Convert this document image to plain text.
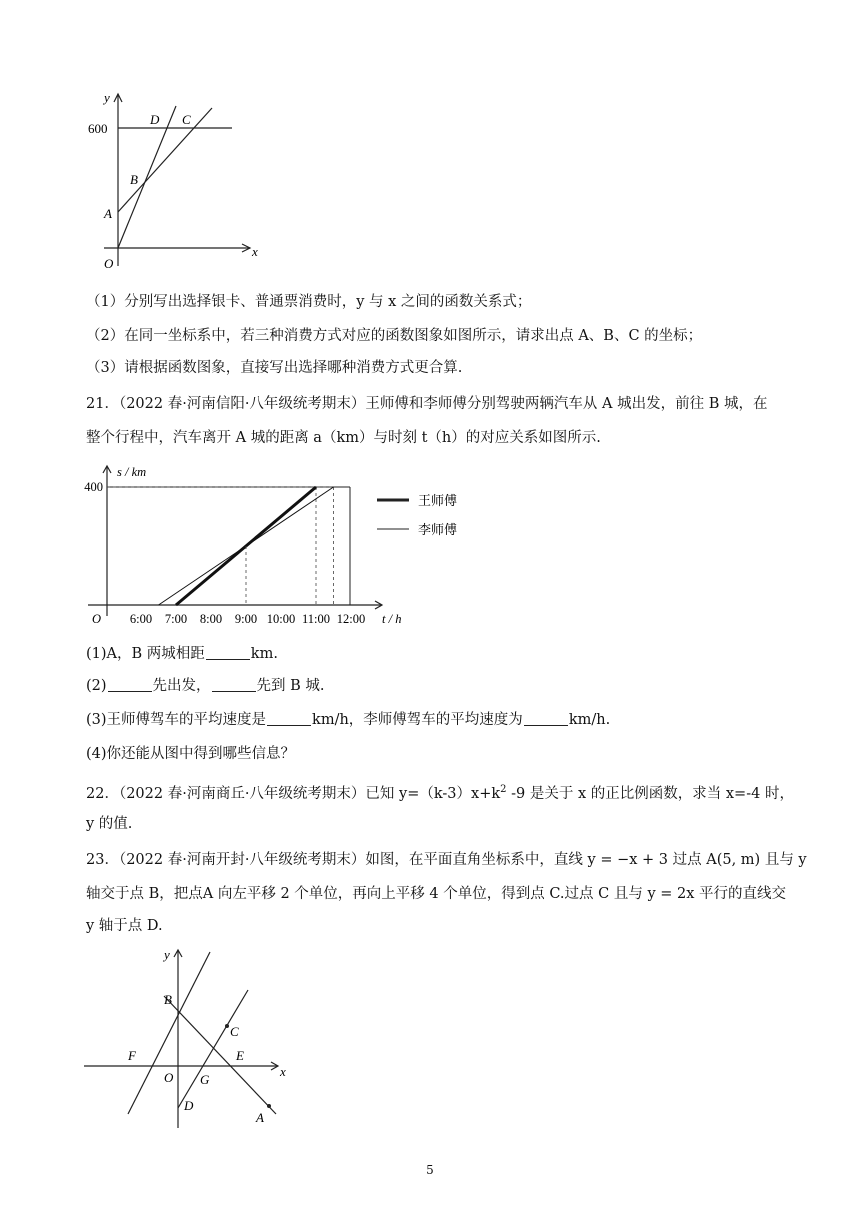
y
600
D C
B
A
O
x
（1）分别写出选择银卡、普通票消费时，y 与 x 之间的函数关系式；
（2）在同一坐标系中，若三种消费方式对应的函数图象如图所示，请求出点 A、B、C 的坐标；
（3）请根据函数图象，直接写出选择哪种消费方式更合算.
21．（2022 春·河南信阳·八年级统考期末）王师傅和李师傅分别驾驶两辆汽车从 A 城出发，前往 B 城，在
整个行程中，汽车离开 A 城的距离 a（km）与时刻 t（h）的对应关系如图所示.
s / km
t / h
O
王师傅
李师傅
6:00 7:00 8:00 9:00 10:00 11:00 12:00
400
(1)A，B 两城相距	km.
(2)	先出发，	先到 B 城.
(3)王师傅驾车的平均速度是	km/h，李师傅驾车的平均速度为	km/h.
(4)你还能从图中得到哪些信息？
22．（2022 春·河南商丘·八年级统考期末）已知 $y=(k-3)x+k^2$ -9 是关于 x 的正比例函数，求当 x=-4 时，
y 的值.
23．（2022 春·河南开封·八年级统考期末）如图，在平面直角坐标系中，直线 y = −x + 3 过点 A(5, m) 且与 y
轴交于点 B，把点A 向左平移 2 个单位，再向上平移 4 个单位，得到点 C.过点 C 且与 y = 2x 平行的直线交
y 轴于点 D.
y
B
C
F	E
O G
x
D
A
5
